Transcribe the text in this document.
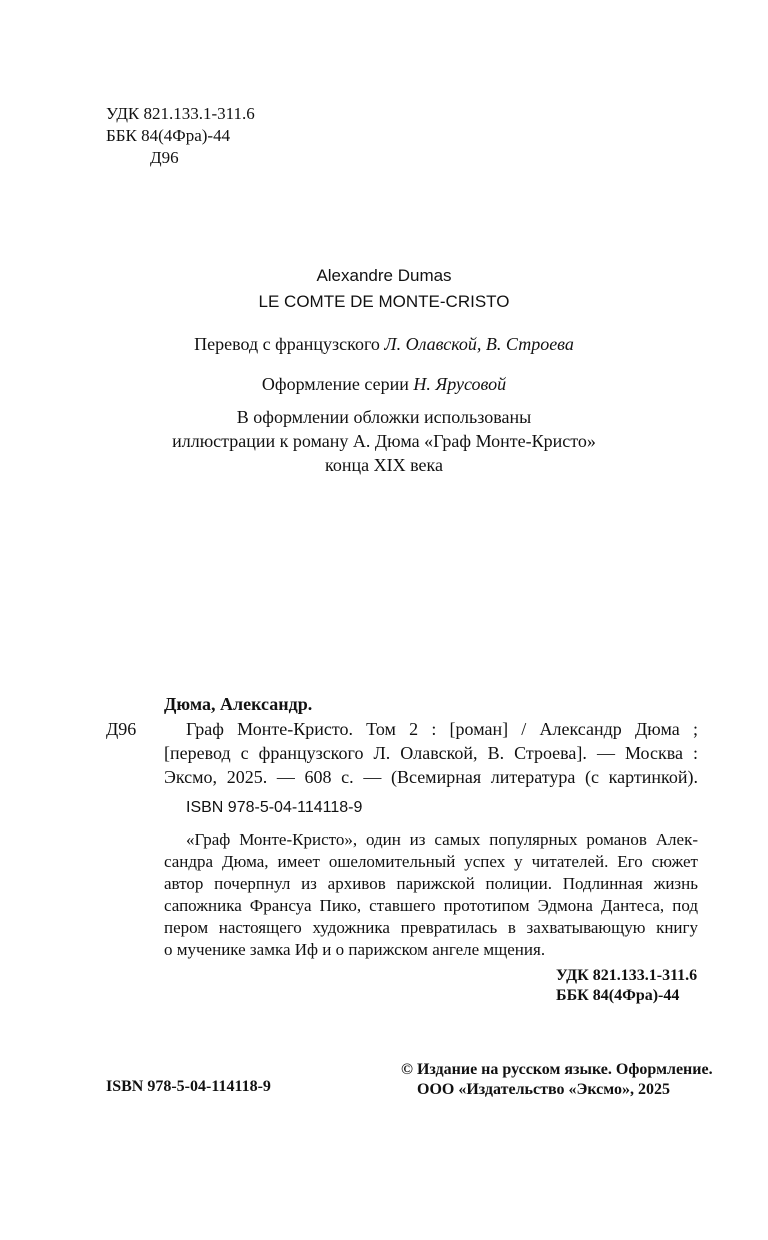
УДК 821.133.1-311.6
ББК 84(4Фра)-44
Д96
Alexandre Dumas
LE COMTE DE MONTE-CRISTO
Перевод с французского Л. Олавской, В. Строева
Оформление серии Н. Ярусовой
В оформлении обложки использованы
иллюстрации к роману А. Дюма «Граф Монте-Кристо»
конца XIX века
Дюма, Александр.
Д96	Граф Монте-Кристо. Том 2 : [роман] / Александр Дюма ;
[перевод с французского Л. Олавской, В. Строева]. — Москва :
Эксмо, 2025. — 608 с. — (Всемирная литература (с картинкой).
ISBN 978-5-04-114118-9
«Граф Монте-Кристо», один из самых популярных романов Алек-
сандра Дюма, имеет ошеломительный успех у читателей. Его сюжет
автор почерпнул из архивов парижской полиции. Подлинная жизнь
сапожника Франсуа Пико, ставшего прототипом Эдмона Дантеса, под
пером настоящего художника превратилась в захватывающую книгу
о мученике замка Иф и о парижском ангеле мщения.
УДК 821.133.1-311.6
ББК 84(4Фра)-44
ISBN 978-5-04-114118-9
© Издание на русском языке. Оформление.
ООО «Издательство «Эксмо», 2025
